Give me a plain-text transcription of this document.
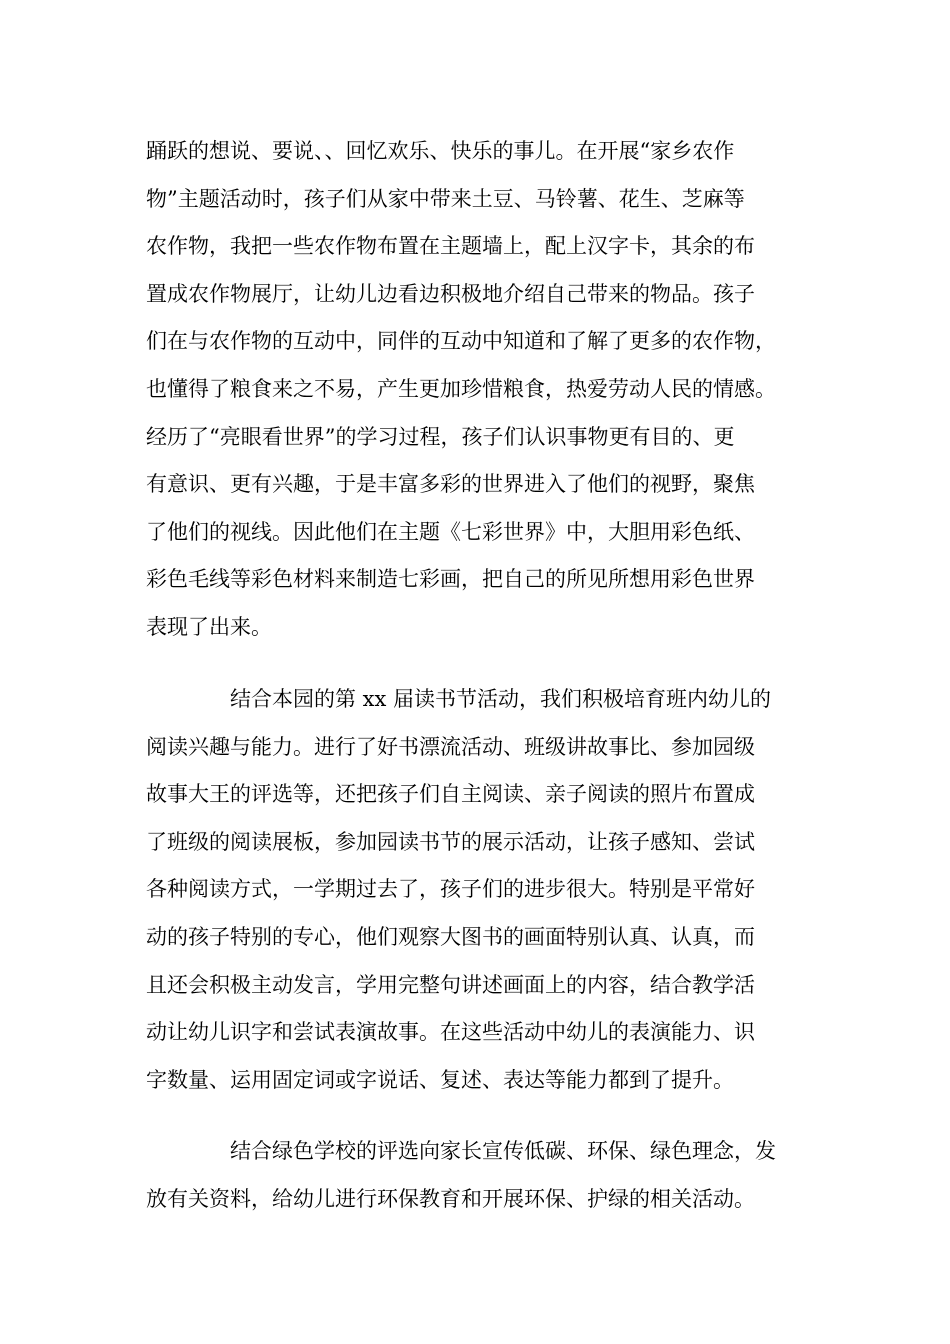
踊跃的想说、要说、、回忆欢乐、快乐的事儿。在开展“家乡农作
物”主题活动时，孩子们从家中带来土豆、马铃薯、花生、芝麻等
农作物，我把一些农作物布置在主题墙上，配上汉字卡，其余的布
置成农作物展厅，让幼儿边看边积极地介绍自己带来的物品。孩子
们在与农作物的互动中，同伴的互动中知道和了解了更多的农作物，
也懂得了粮食来之不易，产生更加珍惜粮食，热爱劳动人民的情感。
经历了“亮眼看世界”的学习过程，孩子们认识事物更有目的、更
有意识、更有兴趣，于是丰富多彩的世界进入了他们的视野，聚焦
了他们的视线。因此他们在主题《七彩世界》中，大胆用彩色纸、
彩色毛线等彩色材料来制造七彩画，把自己的所见所想用彩色世界
表现了出来。
结合本园的第 xx 届读书节活动，我们积极培育班内幼儿的
阅读兴趣与能力。进行了好书漂流活动、班级讲故事比、参加园级
故事大王的评选等，还把孩子们自主阅读、亲子阅读的照片布置成
了班级的阅读展板，参加园读书节的展示活动，让孩子感知、尝试
各种阅读方式，一学期过去了，孩子们的进步很大。特别是平常好
动的孩子特别的专心，他们观察大图书的画面特别认真、认真，而
且还会积极主动发言，学用完整句讲述画面上的内容，结合教学活
动让幼儿识字和尝试表演故事。在这些活动中幼儿的表演能力、识
字数量、运用固定词或字说话、复述、表达等能力都到了提升。
结合绿色学校的评选向家长宣传低碳、环保、绿色理念，发
放有关资料，给幼儿进行环保教育和开展环保、护绿的相关活动。
